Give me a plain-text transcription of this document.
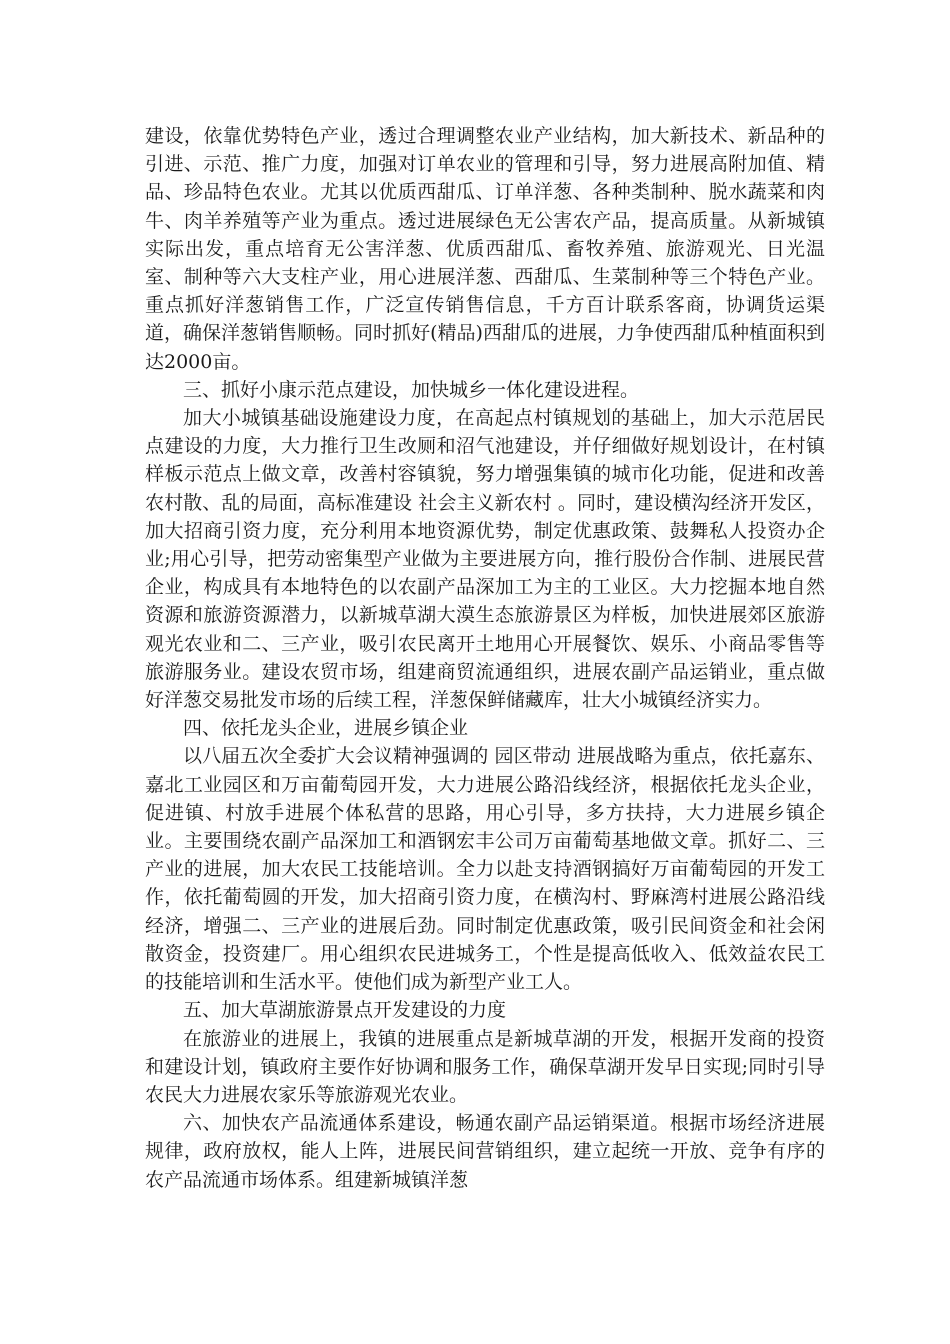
建设，依靠优势特色产业，透过合理调整农业产业结构，加大新技术、新品种的引进、示范、推广力度，加强对订单农业的管理和引导，努力进展高附加值、精品、珍品特色农业。尤其以优质西甜瓜、订单洋葱、各种类制种、脱水蔬菜和肉牛、肉羊养殖等产业为重点。透过进展绿色无公害农产品，提高质量。从新城镇实际出发，重点培育无公害洋葱、优质西甜瓜、畜牧养殖、旅游观光、日光温室、制种等六大支柱产业，用心进展洋葱、西甜瓜、生菜制种等三个特色产业。重点抓好洋葱销售工作，广泛宣传销售信息，千方百计联系客商，协调货运渠道，确保洋葱销售顺畅。同时抓好(精品)西甜瓜的进展，力争使西甜瓜种植面积到达2000亩。

三、抓好小康示范点建设，加快城乡一体化建设进程。

加大小城镇基础设施建设力度，在高起点村镇规划的基础上，加大示范居民点建设的力度，大力推行卫生改厕和沼气池建设，并仔细做好规划设计，在村镇样板示范点上做文章，改善村容镇貌，努力增强集镇的城市化功能，促进和改善农村散、乱的局面，高标准建设 社会主义新农村 。同时，建设横沟经济开发区，加大招商引资力度，充分利用本地资源优势，制定优惠政策、鼓舞私人投资办企业;用心引导，把劳动密集型产业做为主要进展方向，推行股份合作制、进展民营企业，构成具有本地特色的以农副产品深加工为主的工业区。大力挖掘本地自然资源和旅游资源潜力，以新城草湖大漠生态旅游景区为样板，加快进展郊区旅游观光农业和二、三产业，吸引农民离开土地用心开展餐饮、娱乐、小商品零售等旅游服务业。建设农贸市场，组建商贸流通组织，进展农副产品运销业，重点做好洋葱交易批发市场的后续工程，洋葱保鲜储藏库，壮大小城镇经济实力。

四、依托龙头企业，进展乡镇企业

以八届五次全委扩大会议精神强调的 园区带动 进展战略为重点，依托嘉东、嘉北工业园区和万亩葡萄园开发，大力进展公路沿线经济，根据依托龙头企业，促进镇、村放手进展个体私营的思路，用心引导，多方扶持，大力进展乡镇企业。主要围绕农副产品深加工和酒钢宏丰公司万亩葡萄基地做文章。抓好二、三产业的进展，加大农民工技能培训。全力以赴支持酒钢搞好万亩葡萄园的开发工作，依托葡萄圆的开发，加大招商引资力度，在横沟村、野麻湾村进展公路沿线经济，增强二、三产业的进展后劲。同时制定优惠政策，吸引民间资金和社会闲散资金，投资建厂。用心组织农民进城务工，个性是提高低收入、低效益农民工的技能培训和生活水平。使他们成为新型产业工人。

五、加大草湖旅游景点开发建设的力度

在旅游业的进展上，我镇的进展重点是新城草湖的开发，根据开发商的投资和建设计划，镇政府主要作好协调和服务工作，确保草湖开发早日实现;同时引导农民大力进展农家乐等旅游观光农业。

六、加快农产品流通体系建设，畅通农副产品运销渠道。根据市场经济进展规律，政府放权，能人上阵，进展民间营销组织，建立起统一开放、竞争有序的农产品流通市场体系。组建新城镇洋葱
